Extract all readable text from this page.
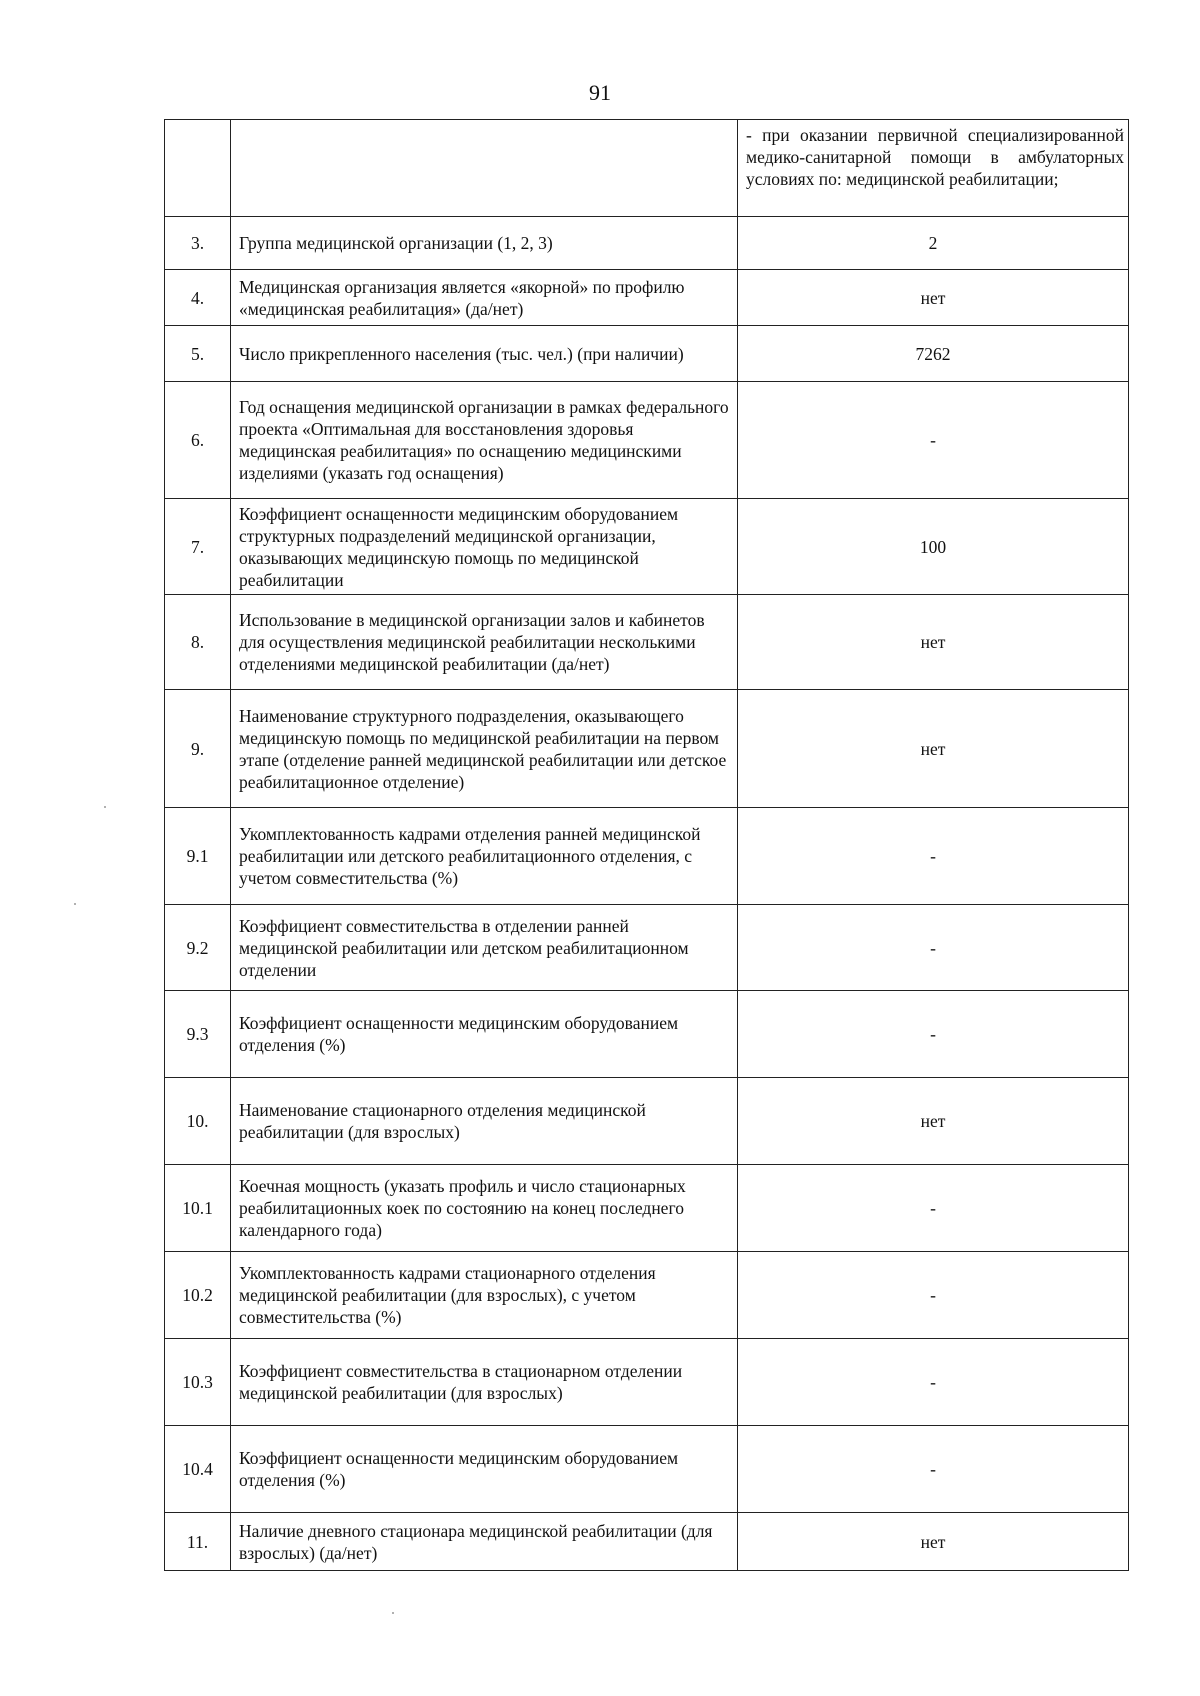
91
		- при оказании первичной специализированной медико-санитарной помощи в амбулаторных условиях по: медицинской реабилитации;
3.	Группа медицинской организации (1, 2, 3)	2
4.	Медицинская организация является «якорной» по профилю «медицинская реабилитация» (да/нет)	нет
5.	Число прикрепленного населения (тыс. чел.) (при наличии)	7262
6.	Год оснащения медицинской организации в рамках федерального проекта «Оптимальная для восстановления здоровья медицинская реабилитация» по оснащению медицинскими изделиями (указать год оснащения)	-
7.	Коэффициент оснащенности медицинским оборудованием структурных подразделений медицинской организации, оказывающих медицинскую помощь по медицинской реабилитации	100
8.	Использование в медицинской организации залов и кабинетов для осуществления медицинской реабилитации несколькими отделениями медицинской реабилитации (да/нет)	нет
9.	Наименование структурного подразделения, оказывающего медицинскую помощь по медицинской реабилитации на первом этапе (отделение ранней медицинской реабилитации или детское реабилитационное отделение)	нет
9.1	Укомплектованность кадрами отделения ранней медицинской реабилитации или детского реабилитационного отделения, с учетом совместительства (%)	-
9.2	Коэффициент совместительства в отделении ранней медицинской реабилитации или детском реабилитационном отделении	-
9.3	Коэффициент оснащенности медицинским оборудованием отделения (%)	-
10.	Наименование стационарного отделения медицинской реабилитации (для взрослых)	нет
10.1	Коечная мощность (указать профиль и число стационарных реабилитационных коек по состоянию на конец последнего календарного года)	-
10.2	Укомплектованность кадрами стационарного отделения медицинской реабилитации (для взрослых), с учетом совместительства (%)	-
10.3	Коэффициент совместительства в стационарном отделении медицинской реабилитации (для взрослых)	-
10.4	Коэффициент оснащенности медицинским оборудованием отделения (%)	-
11.	Наличие дневного стационара медицинской реабилитации (для взрослых) (да/нет)	нет
